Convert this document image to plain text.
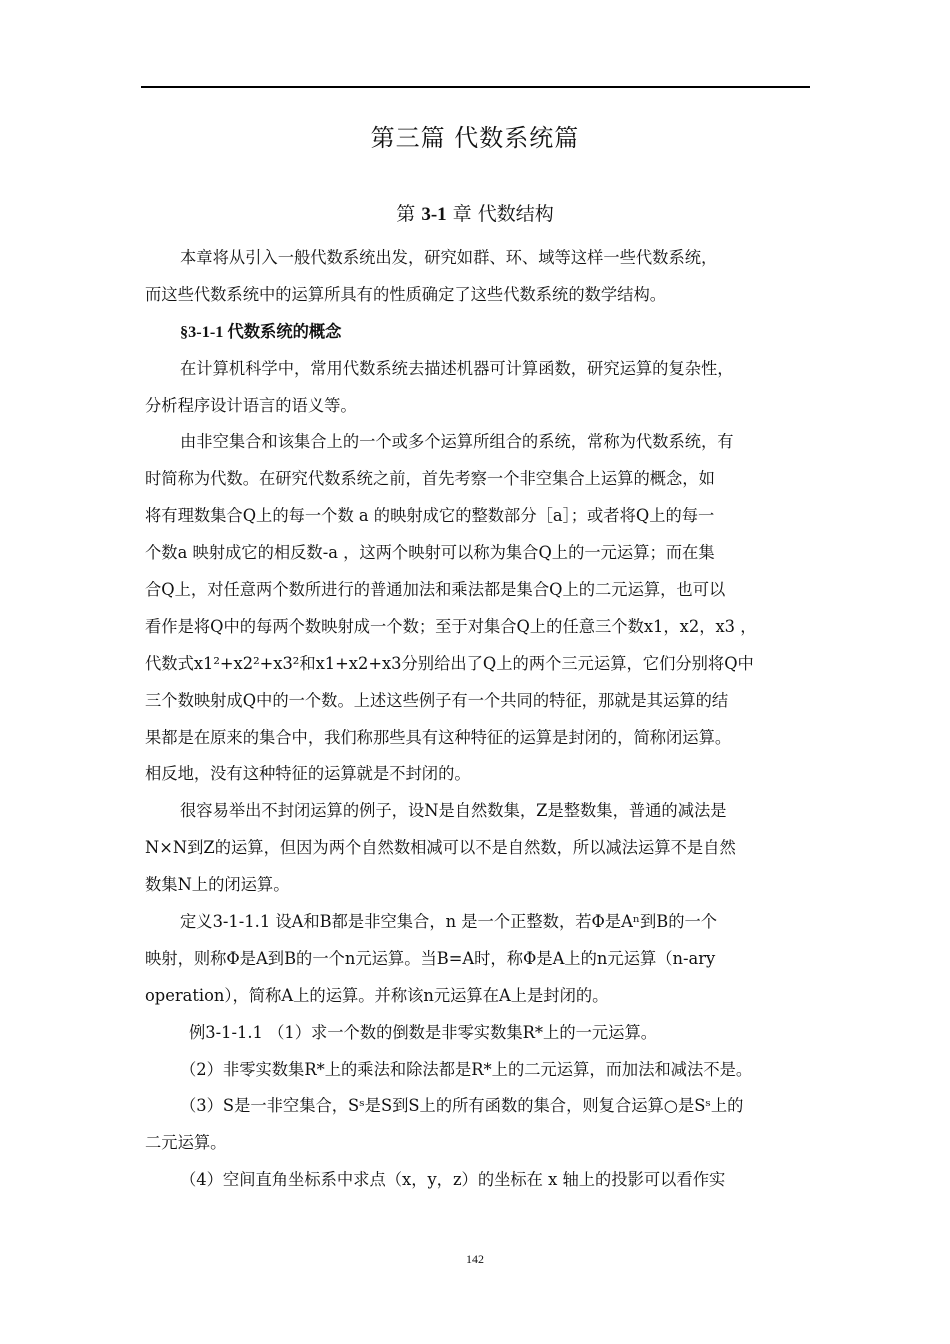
第三篇 代数系统篇
第 3-1 章 代数结构
本章将从引入一般代数系统出发，研究如群、环、域等这样一些代数系统，
而这些代数系统中的运算所具有的性质确定了这些代数系统的数学结构。
§3-1-1 代数系统的概念
在计算机科学中，常用代数系统去描述机器可计算函数，研究运算的复杂性，
分析程序设计语言的语义等。
由非空集合和该集合上的一个或多个运算所组合的系统，常称为代数系统，有
时简称为代数。在研究代数系统之前，首先考察一个非空集合上运算的概念，如
将有理数集合Q上的每一个数 a 的映射成它的整数部分［a］；或者将Q上的每一
个数a 映射成它的相反数-a ，这两个映射可以称为集合Q上的一元运算；而在集
合Q上，对任意两个数所进行的普通加法和乘法都是集合Q上的二元运算，也可以
看作是将Q中的每两个数映射成一个数；至于对集合Q上的任意三个数x1，x2，x3 ，
代数式x1²+x2²+x3²和x1+x2+x3分别给出了Q上的两个三元运算，它们分别将Q中
三个数映射成Q中的一个数。上述这些例子有一个共同的特征，那就是其运算的结
果都是在原来的集合中，我们称那些具有这种特征的运算是封闭的，简称闭运算。
相反地，没有这种特征的运算就是不封闭的。
很容易举出不封闭运算的例子，设N是自然数集，Z是整数集，普通的减法是
N×N到Z的运算，但因为两个自然数相减可以不是自然数，所以减法运算不是自然
数集N上的闭运算。
定义3-1-1.1 设A和B都是非空集合，n 是一个正整数，若Φ是Aⁿ到B的一个
映射，则称Φ是A到B的一个n元运算。当B=A时，称Φ是A上的n元运算（n-ary
operation），简称A上的运算。并称该n元运算在A上是封闭的。
例3-1-1.1 （1）求一个数的倒数是非零实数集R*上的一元运算。
（2）非零实数集R*上的乘法和除法都是R*上的二元运算，而加法和减法不是。
（3）S是一非空集合，Sˢ是S到S上的所有函数的集合，则复合运算○是Sˢ上的
二元运算。
（4）空间直角坐标系中求点（x，y，z）的坐标在 x 轴上的投影可以看作实
142
